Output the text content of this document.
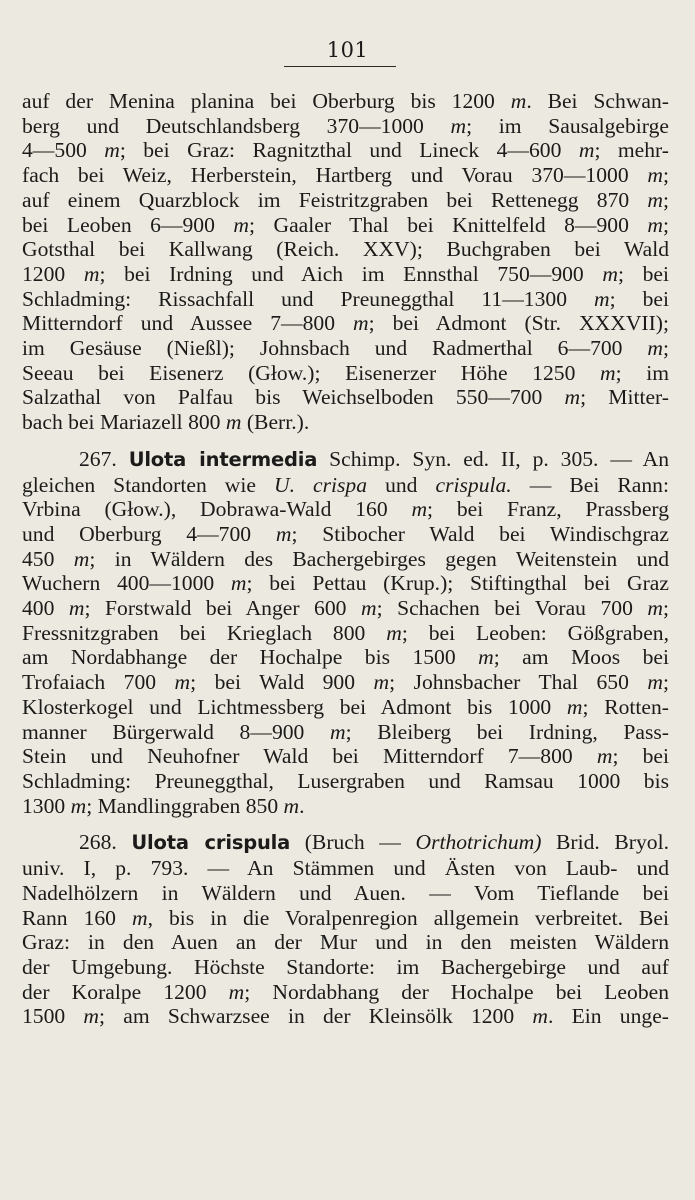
101
auf der Menina planina bei Oberburg bis 1200 m. Bei Schwan-
berg und Deutschlandsberg 370—1000 m; im Sausalgebirge
4—500 m; bei Graz: Ragnitzthal und Lineck 4—600 m; mehr-
fach bei Weiz, Herberstein, Hartberg und Vorau 370—1000 m;
auf einem Quarzblock im Feistritzgraben bei Rettenegg 870 m;
bei Leoben 6—900 m; Gaaler Thal bei Knittelfeld 8—900 m;
Gotsthal bei Kallwang (Reich. XXV); Buchgraben bei Wald
1200 m; bei Irdning und Aich im Ennsthal 750—900 m; bei
Schladming: Rissachfall und Preuneggthal 11—1300 m; bei
Mitterndorf und Aussee 7—800 m; bei Admont (Str. XXXVII);
im Gesäuse (Nießl); Johnsbach und Radmerthal 6—700 m;
Seeau bei Eisenerz (Głow.); Eisenerzer Höhe 1250 m; im
Salzathal von Palfau bis Weichselboden 550—700 m; Mitter-
bach bei Mariazell 800 m (Berr.).
267. Ulota intermedia Schimp. Syn. ed. II, p. 305. — An
gleichen Standorten wie U. crispa und crispula. — Bei Rann:
Vrbina (Głow.), Dobrawa-Wald 160 m; bei Franz, Prassberg
und Oberburg 4—700 m; Stibocher Wald bei Windischgraz
450 m; in Wäldern des Bachergebirges gegen Weitenstein und
Wuchern 400—1000 m; bei Pettau (Krup.); Stiftingthal bei Graz
400 m; Forstwald bei Anger 600 m; Schachen bei Vorau 700 m;
Fressnitzgraben bei Krieglach 800 m; bei Leoben: Gößgraben,
am Nordabhange der Hochalpe bis 1500 m; am Moos bei
Trofaiach 700 m; bei Wald 900 m; Johnsbacher Thal 650 m;
Klosterkogel und Lichtmessberg bei Admont bis 1000 m; Rotten-
manner Bürgerwald 8—900 m; Bleiberg bei Irdning, Pass-
Stein und Neuhofner Wald bei Mitterndorf 7—800 m; bei
Schladming: Preuneggthal, Lusergraben und Ramsau 1000 bis
1300 m; Mandlinggraben 850 m.
268. Ulota crispula (Bruch — Orthotrichum) Brid. Bryol.
univ. I, p. 793. — An Stämmen und Ästen von Laub- und
Nadelhölzern in Wäldern und Auen. — Vom Tieflande bei
Rann 160 m, bis in die Voralpenregion allgemein verbreitet. Bei
Graz: in den Auen an der Mur und in den meisten Wäldern
der Umgebung. Höchste Standorte: im Bachergebirge und auf
der Koralpe 1200 m; Nordabhang der Hochalpe bei Leoben
1500 m; am Schwarzsee in der Kleinsölk 1200 m. Ein unge-
